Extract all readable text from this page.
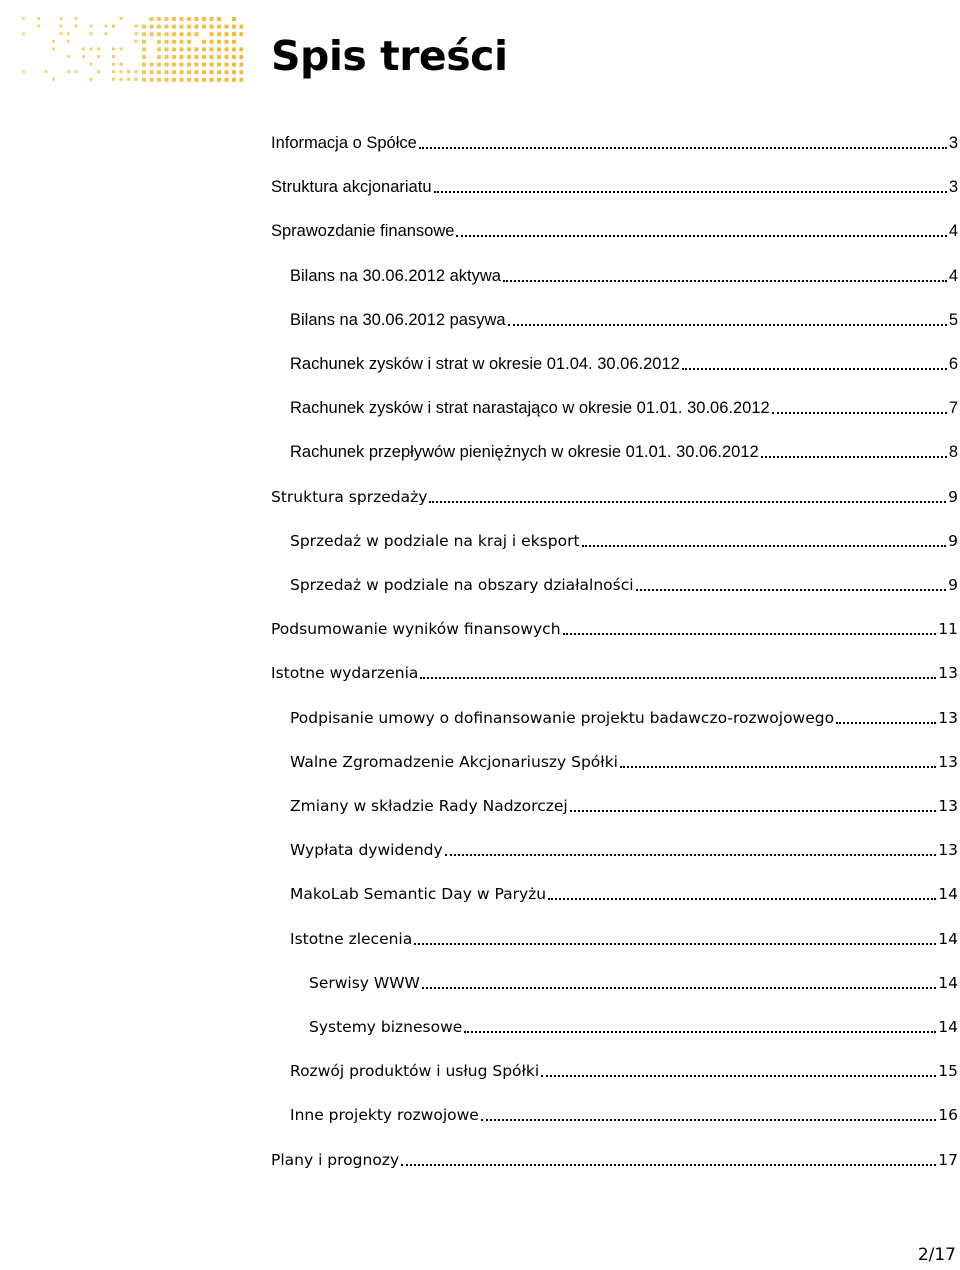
Spis treści
Informacja o Spółce	3
Struktura akcjonariatu	3
Sprawozdanie finansowe	4
Bilans na 30.06.2012 aktywa	4
Bilans na 30.06.2012 pasywa	5
Rachunek zysków i strat w okresie 01.04. 30.06.2012	6
Rachunek zysków i strat narastająco w okresie 01.01. 30.06.2012	7
Rachunek przepływów pieniężnych w okresie 01.01. 30.06.2012	8
Struktura sprzedaży	9
Sprzedaż w podziale na kraj i eksport	9
Sprzedaż w podziale na obszary działalności	9
Podsumowanie wyników finansowych	11
Istotne wydarzenia	13
Podpisanie umowy o dofinansowanie projektu badawczo-rozwojowego	13
Walne Zgromadzenie Akcjonariuszy Spółki	13
Zmiany w składzie Rady Nadzorczej	13
Wypłata dywidendy	13
MakoLab Semantic Day w Paryżu	14
Istotne zlecenia	14
Serwisy WWW	14
Systemy biznesowe	14
Rozwój produktów i usług Spółki	15
Inne projekty rozwojowe	16
Plany i prognozy	17
2/17
